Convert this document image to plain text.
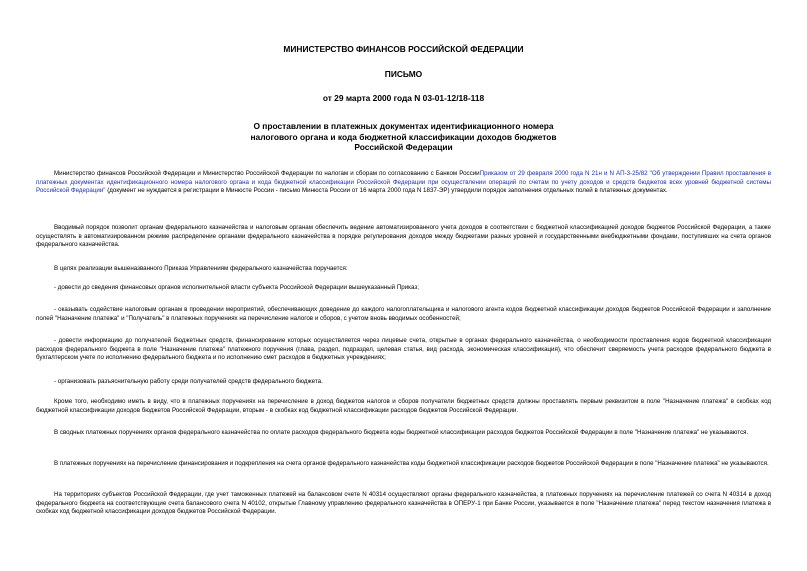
МИНИСТЕРСТВО ФИНАНСОВ РОССИЙСКОЙ ФЕДЕРАЦИИ
ПИСЬМО
от 29 марта 2000 года N 03-01-12/18-118
О проставлении в платежных документах идентификационного номера
налогового органа и кода бюджетной классификации доходов бюджетов
Российской Федерации
Министерство финансов Российской Федерации и Министерство Российской Федерации по налогам и сборам по согласованию с Банком РоссииПриказом от 29 февраля 2000 года N 21н и N АП-3-25/82 "Об утверждении Правил проставления в платежных документах идентификационного номера налогового органа и кода бюджетной классификации Российской Федерации при осуществлении операций по счетам по учету доходов и средств бюджетов всех уровней бюджетной системы Российской Федерации" (документ не нуждается в регистрации в Минюсте России - письмо Минюста России от 16 марта 2000 года N 1837-ЭР) утвердили порядок заполнения отдельных полей в платежных документах.
Вводимый порядок позволит органам федерального казначейства и налоговым органам обеспечить ведение автоматизированного учета доходов в соответствии с бюджетной классификацией доходов бюджетов Российской Федерации, а также осуществлять в автоматизированном режиме распределение органами федерального казначейства в порядке регулирования доходов между бюджетами разных уровней и государственными внебюджетными фондами, поступивших на счета органов федерального казначейства.
В целях реализации вышеназванного Приказа Управлениям федерального казначейства поручается:
- довести до сведения финансовых органов исполнительной власти субъекта Российской Федерации вышеуказанный Приказ;
- оказывать содействие налоговым органам в проведении мероприятий, обеспечивающих доведение до каждого налогоплательщика и налогового агента кодов бюджетной классификации доходов бюджетов Российской Федерации и заполнение полей "Назначение платежа" и "Получатель" в платежных поручениях на перечисление налогов и сборов, с учетом вновь вводимых особенностей;
- довести информацию до получателей бюджетных средств, финансирование которых осуществляется через лицевые счета, открытые в органах федерального казначейства, о необходимости проставления кодов бюджетной классификации расходов федерального бюджета в поле "Назначение платежа" платежного поручения (глава, раздел, подраздел, целевая статья, вид расхода, экономическая классификация), что обеспечит сверяемость учета расходов федерального бюджета в бухгалтерском учете по исполнению федерального бюджета и по исполнению смет расходов в бюджетных учреждениях;
- организовать разъяснительную работу среди получателей средств федерального бюджета.
Кроме того, необходимо иметь в виду, что в платежных поручениях на перечисление в доход бюджетов налогов и сборов получатели бюджетных средств должны проставлять первым реквизитом в поле "Назначение платежа" в скобках код бюджетной классификации доходов бюджетов Российской Федерации, вторым - в скобках код бюджетной классификации расходов бюджетов Российской Федерации.
В сводных платежных поручениях органов федерального казначейства по оплате расходов федерального бюджета коды бюджетной классификации расходов бюджетов Российской Федерации в поле "Назначение платежа" не указываются.
В платежных поручениях на перечисление финансирования и подкрепления на счета органов федерального казначейства коды бюджетной классификации расходов бюджетов Российской Федерации в поле "Назначение платежа" не указываются.
На территориях субъектов Российской Федерации, где учет таможенных платежей на балансовом счете N 40314 осуществляют органы федерального казначейства, в платежных поручениях на перечисление платежей со счета N 40314 в доход федерального бюджета на соответствующие счета балансового счета N 40102, открытые Главному управлению федерального казначейства в ОПЕРУ-1 при Банке России, указывается в поле "Назначение платежа" перед текстом назначения платежа в скобках код бюджетной классификации доходов бюджетов Российской Федерации.
